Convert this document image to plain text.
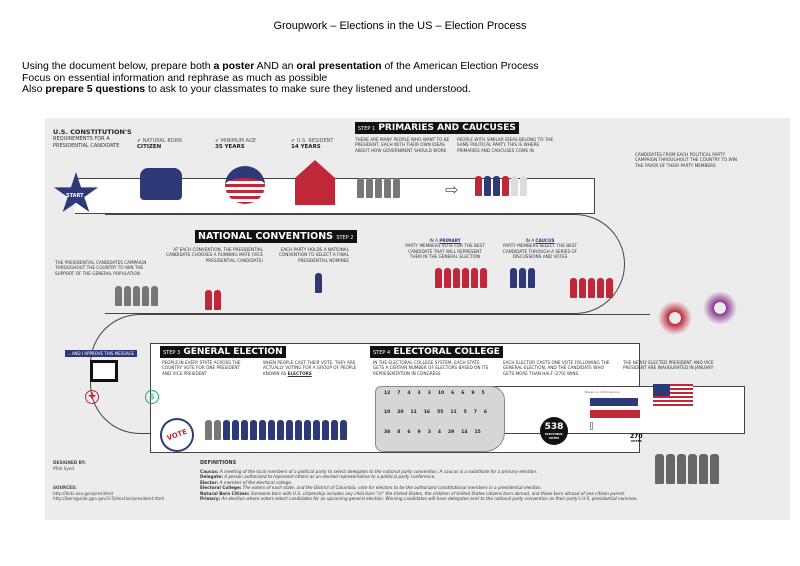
Groupwork – Elections in the US – Election Process
Using the document below, prepare both a poster AND an oral presentation of the American Election Process
Focus on essential information and rephrase as much as possible
Also prepare 5 questions to ask to your classmates to make sure they listened and understood.
U.S. CONSTITUTION'S
REQUIREMENTS FOR A PRESIDENTIAL CANDIDATE
✔ NATURAL BORN
CITIZEN
✔ MINIMUM AGE
35 YEARS
✔ U.S. RESIDENT
14 YEARS
START
STEP 1 PRIMARIES AND CAUCUSES
THERE ARE MANY PEOPLE WHO WANT TO BE PRESIDENT, EACH WITH THEIR OWN IDEAS ABOUT HOW GOVERNMENT SHOULD WORK
PEOPLE WITH SIMILAR IDEAS BELONG TO THE SAME POLITICAL PARTY. THIS IS WHERE PRIMARIES AND CAUCUSES COME IN
CANDIDATES FROM EACH POLITICAL PARTY CAMPAIGN THROUGHOUT THE COUNTRY TO WIN THE FAVOR OF THEIR PARTY MEMBERS
⇨
IN A PRIMARY
PARTY MEMBERS VOTE FOR THE BEST CANDIDATE THAT WILL REPRESENT THEM IN THE GENERAL ELECTION
IN A CAUCUS
PARTY MEMBERS SELECT THE BEST CANDIDATE THROUGH A SERIES OF DISCUSSIONS AND VOTES
NATIONAL CONVENTIONS STEP 2
AT EACH CONVENTION, THE PRESIDENTIAL CANDIDATE CHOOSES A RUNNING MATE (VICE PRESIDENTIAL CANDIDATE)
EACH PARTY HOLDS A NATIONAL CONVENTION TO SELECT A FINAL PRESIDENTIAL NOMINEE
THE PRESIDENTIAL CANDIDATES CAMPAIGN THROUGHOUT THE COUNTRY TO WIN THE SUPPORT OF THE GENERAL POPULATION
...AND I APPROVE THIS MESSAGE
✚	$
STEP 3 GENERAL ELECTION
PEOPLE IN EVERY STATE ACROSS THE COUNTRY VOTE FOR ONE PRESIDENT AND VICE PRESIDENT
WHEN PEOPLE CAST THEIR VOTE, THEY ARE ACTUALLY VOTING FOR A GROUP OF PEOPLE KNOWN AS ELECTORS
VOTE
STEP 4 ELECTORAL COLLEGE
IN THE ELECTORAL COLLEGE SYSTEM, EACH STATE GETS A CERTAIN NUMBER OF ELECTORS BASED ON ITS REPRESENTATION IN CONGRESS
EACH ELECTOR CASTS ONE VOTE FOLLOWING THE GENERAL ELECTION, AND THE CANDIDATE WHO GETS MORE THAN HALF (270) WINS
THE NEWLY ELECTED PRESIDENT AND VICE PRESIDENT ARE INAUGURATED IN JANUARY
12 7 4 3 3 10 6 6 9 5
10 20 11 16 55 11 5 7 6
38 8 6 9 3 4 29 14 15
538
ELECTORAL VOTES
Based on 2010 Census
270
VOTES
DESIGNED BY:
Iffah Syed
SOURCES:
http://kids.usa.gov/president
http://bensguide.gpo.gov/3-5/election/president.html
DEFINITIONS
Caucus: A meeting of the local members of a political party to select delegates to the national party convention. A caucus is a substitute for a primary election.
Delegate: A person authorized to represent others as an elected representative to a political party conference.
Elector: A member of the electoral college.
Electoral College: The voters of each state, and the District of Columbia, vote for electors to be the authorized constitutional members in a presidential election.
Natural Born Citizen: Someone born with U.S. citizenship includes any child born "in" the United States, the children of United States citizens born abroad, and those born abroad of one citizen parent.
Primary: An election where voters select candidates for an upcoming general election. Winning candidates will have delegates sent to the national party convention as their party's U.S. presidential nominee.
